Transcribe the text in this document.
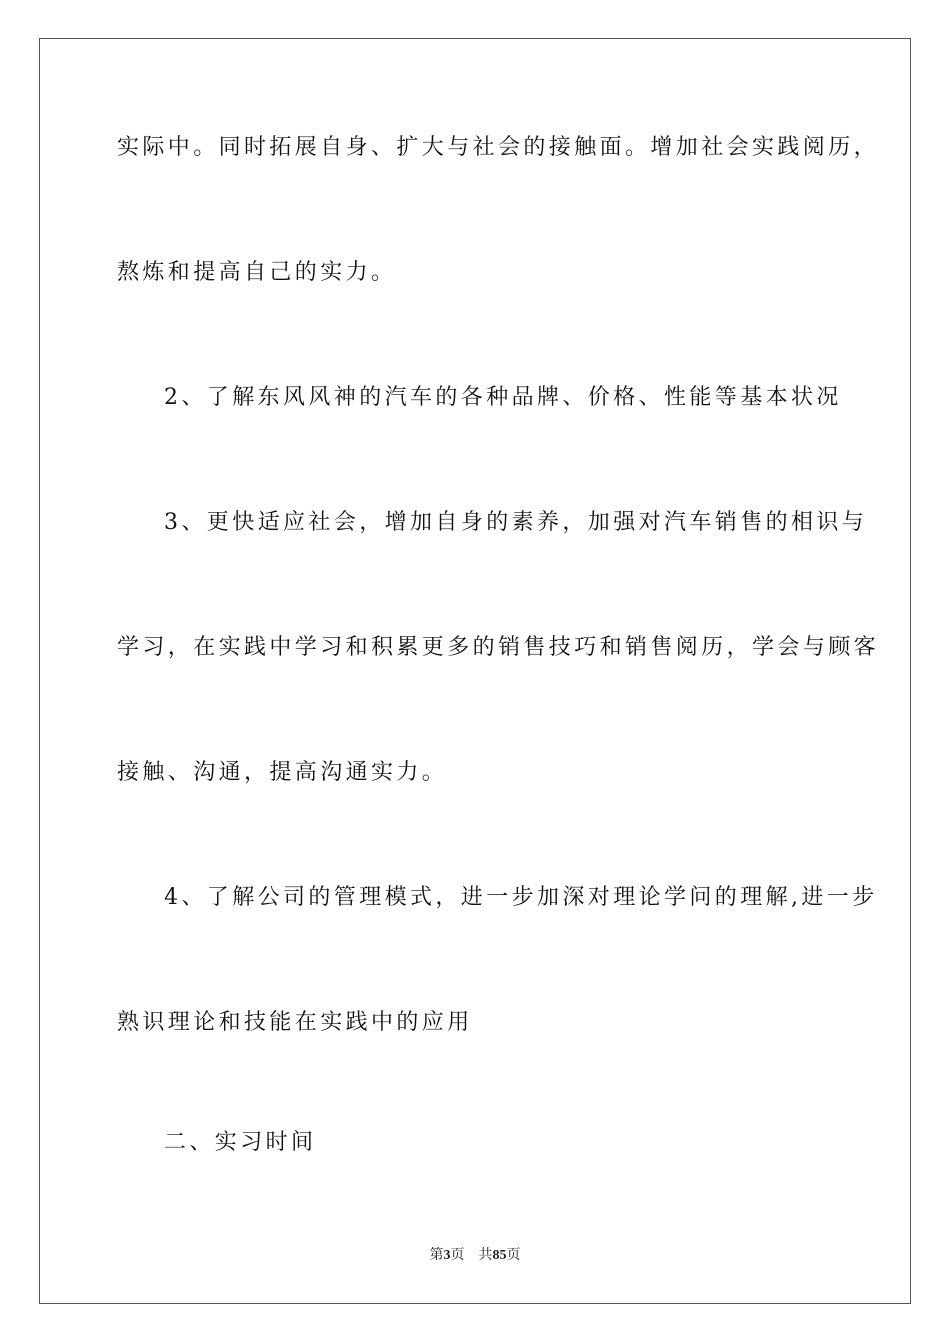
实际中。同时拓展自身、扩大与社会的接触面。增加社会实践阅历，
熬炼和提高自己的实力。
2、了解东风风神的汽车的各种品牌、价格、性能等基本状况
3、更快适应社会，增加自身的素养，加强对汽车销售的相识与
学习，在实践中学习和积累更多的销售技巧和销售阅历，学会与顾客
接触、沟通，提高沟通实力。
4、了解公司的管理模式，进一步加深对理论学问的理解,进一步
熟识理论和技能在实践中的应用
二、实习时间
第3页 共85页
